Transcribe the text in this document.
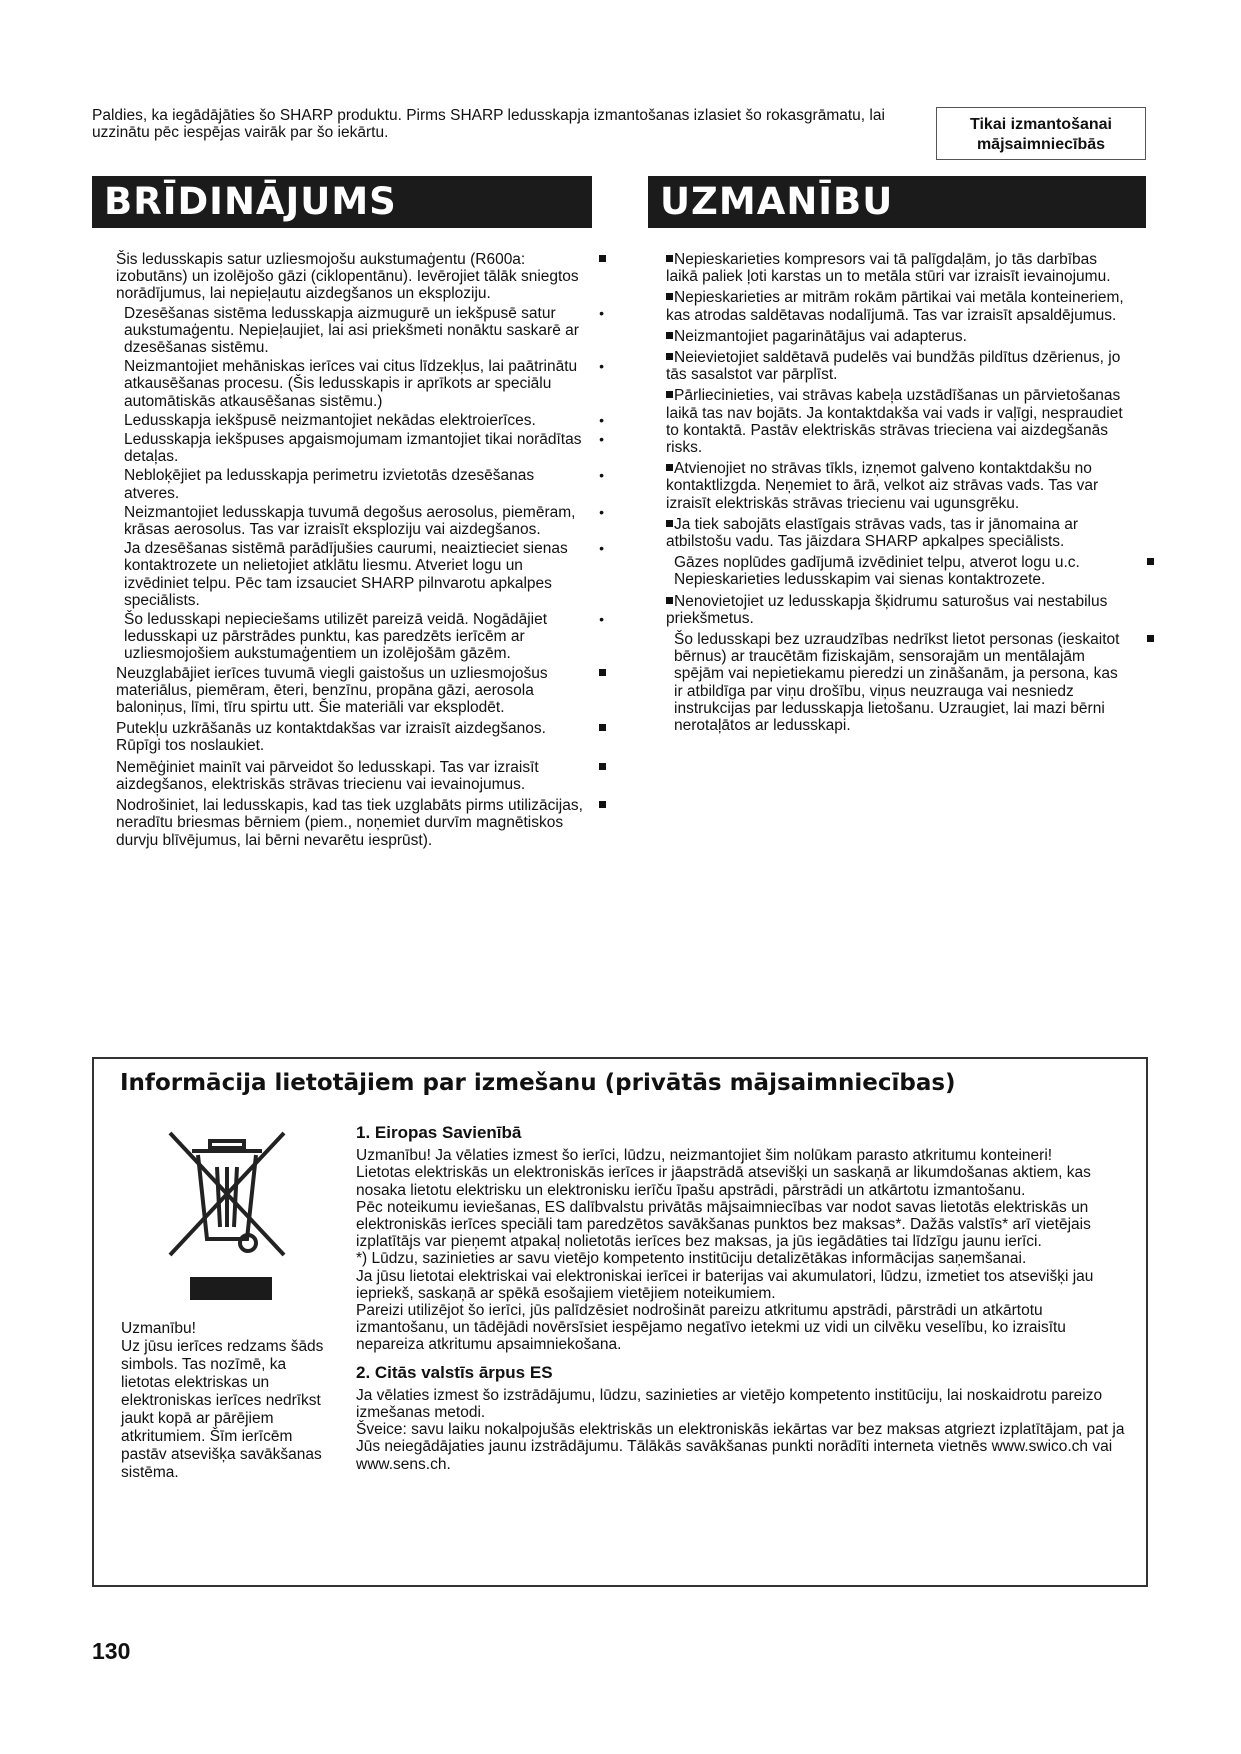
Paldies, ka iegādājāties šo SHARP produktu. Pirms SHARP ledusskapja izmantošanas izlasiet šo rokasgrāmatu, lai uzzinātu pēc iespējas vairāk par šo iekārtu.	Tikai izmantošanai
mājsaimniecībās
BRĪDINĀJUMS	UZMANĪBU

Šis ledusskapis satur uzliesmojošu aukstumaģentu (R600a: izobutāns) un izolējošo gāzi (ciklopentānu). Ievērojiet tālāk sniegtos norādījumus, lai nepieļautu aizdegšanos un eksploziju.

Dzesēšanas sistēma ledusskapja aizmugurē un iekšpusē satur aukstumaģentu. Nepieļaujiet, lai asi priekšmeti nonāktu saskarē ar dzesēšanas sistēmu.
•

Neizmantojiet mehāniskas ierīces vai citus līdzekļus, lai paātrinātu atkausēšanas procesu. (Šis ledusskapis ir aprīkots ar speciālu automātiskās atkausēšanas sistēmu.)
•

Ledusskapja iekšpusē neizmantojiet nekādas elektroierīces.	•

Ledusskapja iekšpuses apgaismojumam izmantojiet tikai norādītas detaļas.
•

Nebloķējiet pa ledusskapja perimetru izvietotās dzesēšanas atveres.
•

Neizmantojiet ledusskapja tuvumā degošus aerosolus, piemēram, krāsas aerosolus. Tas var izraisīt eksploziju vai aizdegšanos.
•

Ja dzesēšanas sistēmā parādījušies caurumi, neaiztieciet sienas kontaktrozete un nelietojiet atklātu liesmu. Atveriet logu un izvēdiniet telpu. Pēc tam izsauciet SHARP pilnvarotu apkalpes speciālists.
•

Šo ledusskapi nepieciešams utilizēt pareizā veidā. Nogādājiet ledusskapi uz pārstrādes punktu, kas paredzēts ierīcēm ar uzliesmojošiem aukstumaģentiem un izolējošām gāzēm.
•

Neuzglabājiet ierīces tuvumā viegli gaistošus un uzliesmojošus materiālus, piemēram, ēteri, benzīnu, propāna gāzi, aerosola baloniņus, līmi, tīru spirtu utt. Šie materiāli var eksplodēt.

Putekļu uzkrāšanās uz kontaktdakšas var izraisīt aizdegšanos. Rūpīgi tos noslaukiet.

Nemēģiniet mainīt vai pārveidot šo ledusskapi. Tas var izraisīt aizdegšanos, elektriskās strāvas triecienu vai ievainojumus.

Nodrošiniet, lai ledusskapis, kad tas tiek uzglabāts pirms utilizācijas, neradītu briesmas bērniem (piem., noņemiet durvīm magnētiskos durvju blīvējumus, lai bērni nevarētu iesprūst).

Nepieskarieties kompresors vai tā palīgdaļām, jo tās darbības laikā paliek ļoti karstas un to metāla stūri var izraisīt ievainojumu.

Nepieskarieties ar mitrām rokām pārtikai vai metāla konteineriem, kas atrodas saldētavas nodalījumā. Tas var izraisīt apsaldējumus.

Neizmantojiet pagarinātājus vai adapterus.

Neievietojiet saldētavā pudelēs vai bundžās pildītus dzērienus, jo tās sasalstot var pārplīst.

Pārliecinieties, vai strāvas kabeļa uzstādīšanas un pārvietošanas laikā tas nav bojāts. Ja kontaktdakša vai vads ir vaļīgi, nespraudiet to kontaktā. Pastāv elektriskās strāvas trieciena vai aizdegšanās risks.

Atvienojiet no strāvas tīkls, izņemot galveno kontaktdakšu no kontaktlizgda. Neņemiet to ārā, velkot aiz strāvas vads. Tas var izraisīt elektriskās strāvas triecienu vai ugunsgrēku.

Ja tiek sabojāts elastīgais strāvas vads, tas ir jānomaina ar atbilstošu vadu. Tas jāizdara SHARP apkalpes speciālists.

Gāzes noplūdes gadījumā izvēdiniet telpu, atverot logu u.c. Nepieskarieties ledusskapim vai sienas kontaktrozete.

Nenovietojiet uz ledusskapja šķidrumu saturošus vai nestabilus priekšmetus.

Šo ledusskapi bez uzraudzības nedrīkst lietot personas (ieskaitot bērnus) ar traucētām fiziskajām, sensorajām un mentālajām spējām vai nepietiekamu pieredzi un zināšanām, ja persona, kas ir atbildīga par viņu drošību, viņus neuzrauga vai nesniedz instrukcijas par ledusskapja lietošanu. Uzraugiet, lai mazi bērni nerotaļātos ar ledusskapi.

Informācija lietotājiem par izmešanu (privātās mājsaimniecības)

Uzmanību!

Uz jūsu ierīces redzams šāds simbols. Tas nozīmē, ka lietotas elektriskas un elektroniskas ierīces nedrīkst jaukt kopā ar pārējiem atkritumiem. Šīm ierīcēm pastāv atsevišķa savākšanas sistēma.

1. Eiropas Savienībā

Uzmanību! Ja vēlaties izmest šo ierīci, lūdzu, neizmantojiet šim nolūkam parasto atkritumu konteineri!

Lietotas elektriskās un elektroniskās ierīces ir jāapstrādā atsevišķi un saskaņā ar likumdošanas aktiem, kas nosaka lietotu elektrisku un elektronisku ierīču īpašu apstrādi, pārstrādi un atkārtotu izmantošanu.

Pēc noteikumu ieviešanas, ES dalībvalstu privātās mājsaimniecības var nodot savas lietotās elektriskās un elektroniskās ierīces speciāli tam paredzētos savākšanas punktos bez maksas*. Dažās valstīs* arī vietējais izplatītājs var pieņemt atpakaļ nolietotās ierīces bez maksas, ja jūs iegādāties tai līdzīgu jaunu ierīci.

*) Lūdzu, sazinieties ar savu vietējo kompetento institūciju detalizētākas informācijas saņemšanai.

Ja jūsu lietotai elektriskai vai elektroniskai ierīcei ir baterijas vai akumulatori, lūdzu, izmetiet tos atsevišķi jau iepriekš, saskaņā ar spēkā esošajiem vietējiem noteikumiem.

Pareizi utilizējot šo ierīci, jūs palīdzēsiet nodrošināt pareizu atkritumu apstrādi, pārstrādi un atkārtotu izmantošanu, un tādējādi novērsīsiet iespējamo negatīvo ietekmi uz vidi un cilvēku veselību, ko izraisītu nepareiza atkritumu apsaimniekošana.

2. Citās valstīs ārpus ES

Ja vēlaties izmest šo izstrādājumu, lūdzu, sazinieties ar vietējo kompetento institūciju, lai noskaidrotu pareizo izmešanas metodi.

Šveice: savu laiku nokalpojušās elektriskās un elektroniskās iekārtas var bez maksas atgriezt izplatītājam, pat ja Jūs neiegādājaties jaunu izstrādājumu. Tālākās savākšanas punkti norādīti interneta vietnēs www.swico.ch vai www.sens.ch.

130
